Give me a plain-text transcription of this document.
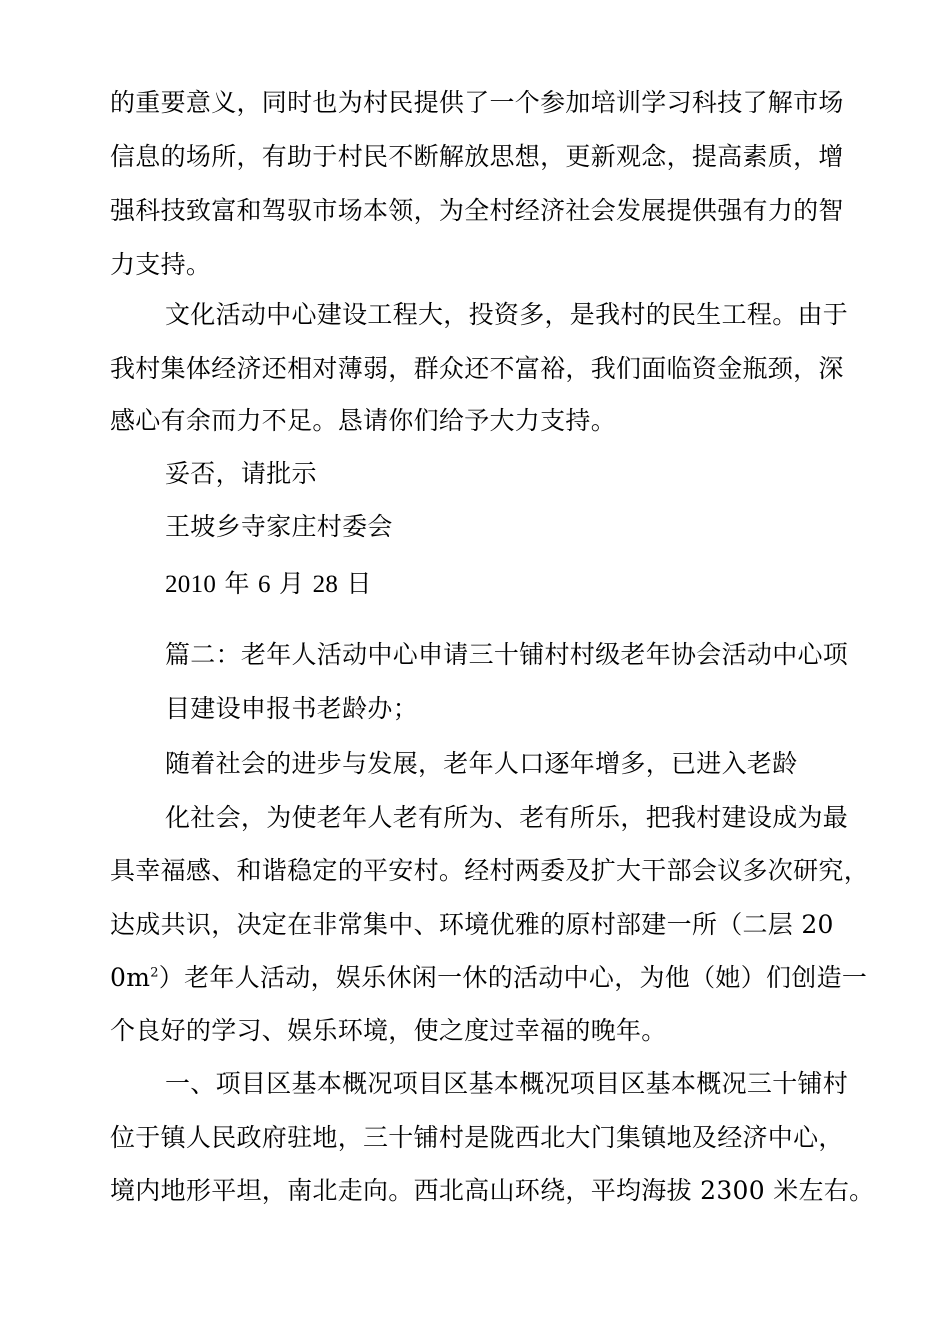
的重要意义，同时也为村民提供了一个参加培训学习科技了解市场
信息的场所，有助于村民不断解放思想，更新观念，提高素质，增
强科技致富和驾驭市场本领，为全村经济社会发展提供强有力的智
力支持。
文化活动中心建设工程大，投资多，是我村的民生工程。由于
我村集体经济还相对薄弱，群众还不富裕，我们面临资金瓶颈，深
感心有余而力不足。恳请你们给予大力支持。
妥否，请批示
王坡乡寺家庄村委会
2010 年 6 月 28 日
篇二：老年人活动中心申请三十铺村村级老年协会活动中心项
目建设申报书老龄办；
随着社会的进步与发展，老年人口逐年增多，已进入老龄
化社会，为使老年人老有所为、老有所乐，把我村建设成为最
具幸福感、和谐稳定的平安村。经村两委及扩大干部会议多次研究，
达成共识，决定在非常集中、环境优雅的原村部建一所（二层 20
$0m^2$）老年人活动，娱乐休闲一休的活动中心，为他（她）们创造一
个良好的学习、娱乐环境，使之度过幸福的晚年。
一、项目区基本概况项目区基本概况项目区基本概况三十铺村
位于镇人民政府驻地，三十铺村是陇西北大门集镇地及经济中心，
境内地形平坦，南北走向。西北高山环绕，平均海拔 2300 米左右。
